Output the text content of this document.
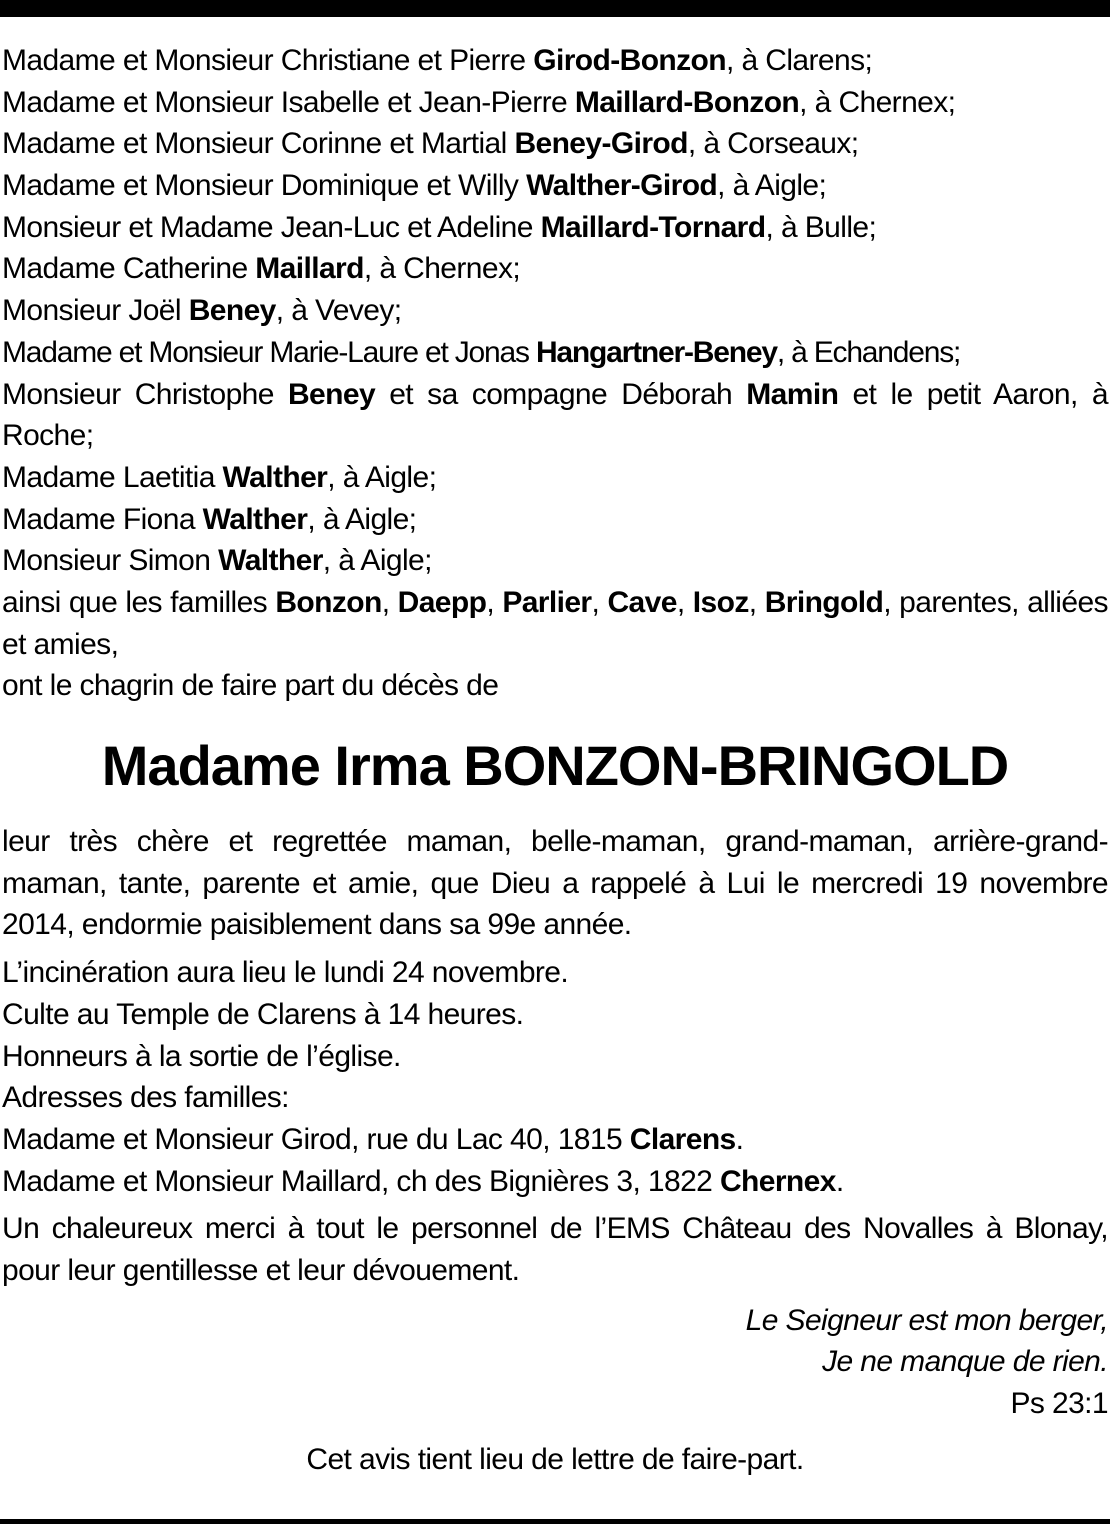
Madame et Monsieur Christiane et Pierre Girod-Bonzon, à Clarens;
Madame et Monsieur Isabelle et Jean-Pierre Maillard-Bonzon, à Chernex;
Madame et Monsieur Corinne et Martial Beney-Girod, à Corseaux;
Madame et Monsieur Dominique et Willy Walther-Girod, à Aigle;
Monsieur et Madame Jean-Luc et Adeline Maillard-Tornard, à Bulle;
Madame Catherine Maillard, à Chernex;
Monsieur Joël Beney, à Vevey;
Madame et Monsieur Marie-Laure et Jonas Hangartner-Beney, à Echandens;
Monsieur Christophe Beney et sa compagne Déborah Mamin et le petit Aaron, à Roche;
Madame Laetitia Walther, à Aigle;
Madame Fiona Walther, à Aigle;
Monsieur Simon Walther, à Aigle;
ainsi que les familles Bonzon, Daepp, Parlier, Cave, Isoz, Bringold, parentes, alliées et amies,
ont le chagrin de faire part du décès de
Madame Irma BONZON-BRINGOLD
leur très chère et regrettée maman, belle-maman, grand-maman, arrière-grand-maman, tante, parente et amie, que Dieu a rappelé à Lui le mercredi 19 novembre 2014, endormie paisiblement dans sa 99e année.
L’incinération aura lieu le lundi 24 novembre.
Culte au Temple de Clarens à 14 heures.
Honneurs à la sortie de l’église.
Adresses des familles:
Madame et Monsieur Girod, rue du Lac 40, 1815 Clarens.
Madame et Monsieur Maillard, ch des Bignières 3, 1822 Chernex.
Un chaleureux merci à tout le personnel de l’EMS Château des Novalles à Blonay, pour leur gentillesse et leur dévouement.
Le Seigneur est mon berger,
Je ne manque de rien.
Ps 23:1
Cet avis tient lieu de lettre de faire-part.
